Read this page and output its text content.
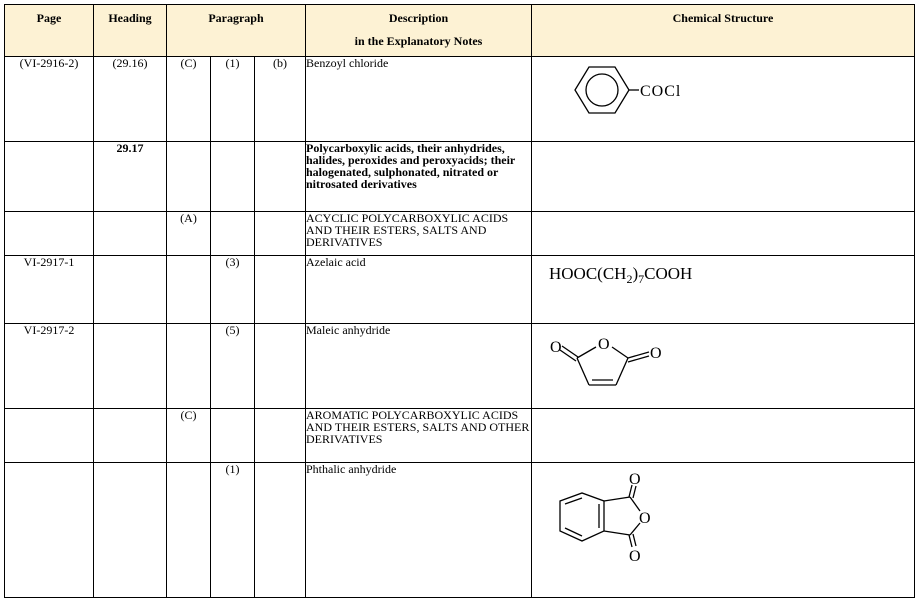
Page	Heading	Paragraph			Description
in the Explanatory Notes	Chemical Structure

(VI-2916-2)	(29.16)	(C)	(1)	(b)	Benzoyl chloride	COCl

	29.17				Polycarboxylic acids, their anhydrides, halides, peroxides and peroxyacids; their halogenated, sulphonated, nitrated or nitrosated derivatives	
		(A)			ACYCLIC POLYCARBOXYLIC ACIDS AND THEIR ESTERS, SALTS AND DERIVATIVES	
VI-2917-1			(3)		Azelaic acid	$HOOC(CH_2)_7COOH$

VI-2917-2			(5)		Maleic anhydride	O O
O

		(C)			AROMATIC POLYCARBOXYLIC ACIDS AND THEIR ESTERS, SALTS AND OTHER DERIVATIVES	
			(1)		Phthalic anhydride	O
O
O
